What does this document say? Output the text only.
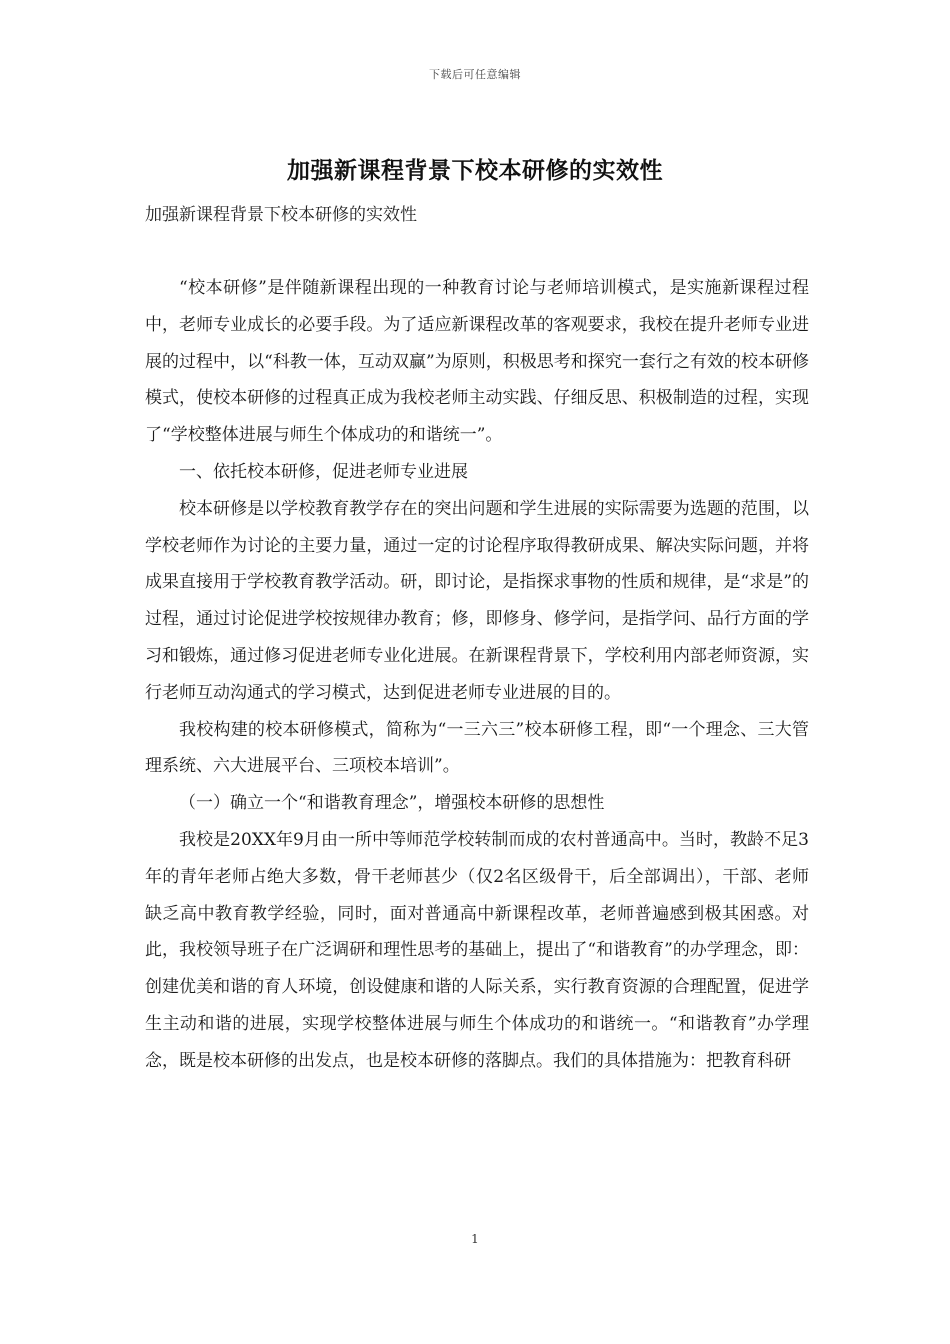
下载后可任意编辑
加强新课程背景下校本研修的实效性
加强新课程背景下校本研修的实效性

“校本研修”是伴随新课程出现的一种教育讨论与老师培训模式，是实施新课程过程中，老师专业成长的必要手段。为了适应新课程改革的客观要求，我校在提升老师专业进展的过程中，以“科教一体，互动双赢”为原则，积极思考和探究一套行之有效的校本研修模式，使校本研修的过程真正成为我校老师主动实践、仔细反思、积极制造的过程，实现了“学校整体进展与师生个体成功的和谐统一”。

一、依托校本研修，促进老师专业进展

校本研修是以学校教育教学存在的突出问题和学生进展的实际需要为选题的范围，以学校老师作为讨论的主要力量，通过一定的讨论程序取得教研成果、解决实际问题，并将成果直接用于学校教育教学活动。研，即讨论，是指探求事物的性质和规律，是“求是”的过程，通过讨论促进学校按规律办教育；修，即修身、修学问，是指学问、品行方面的学习和锻炼，通过修习促进老师专业化进展。在新课程背景下，学校利用内部老师资源，实行老师互动沟通式的学习模式，达到促进老师专业进展的目的。

我校构建的校本研修模式，简称为“一三六三”校本研修工程，即“一个理念、三大管理系统、六大进展平台、三项校本培训”。

（一）确立一个“和谐教育理念”，增强校本研修的思想性

我校是20XX年9月由一所中等师范学校转制而成的农村普通高中。当时，教龄不足3年的青年老师占绝大多数，骨干老师甚少（仅2名区级骨干，后全部调出），干部、老师缺乏高中教育教学经验，同时，面对普通高中新课程改革，老师普遍感到极其困惑。对此，我校领导班子在广泛调研和理性思考的基础上，提出了“和谐教育”的办学理念，即：创建优美和谐的育人环境，创设健康和谐的人际关系，实行教育资源的合理配置，促进学生主动和谐的进展，实现学校整体进展与师生个体成功的和谐统一。“和谐教育”办学理念，既是校本研修的出发点，也是校本研修的落脚点。我们的具体措施为：把教育科研

1
